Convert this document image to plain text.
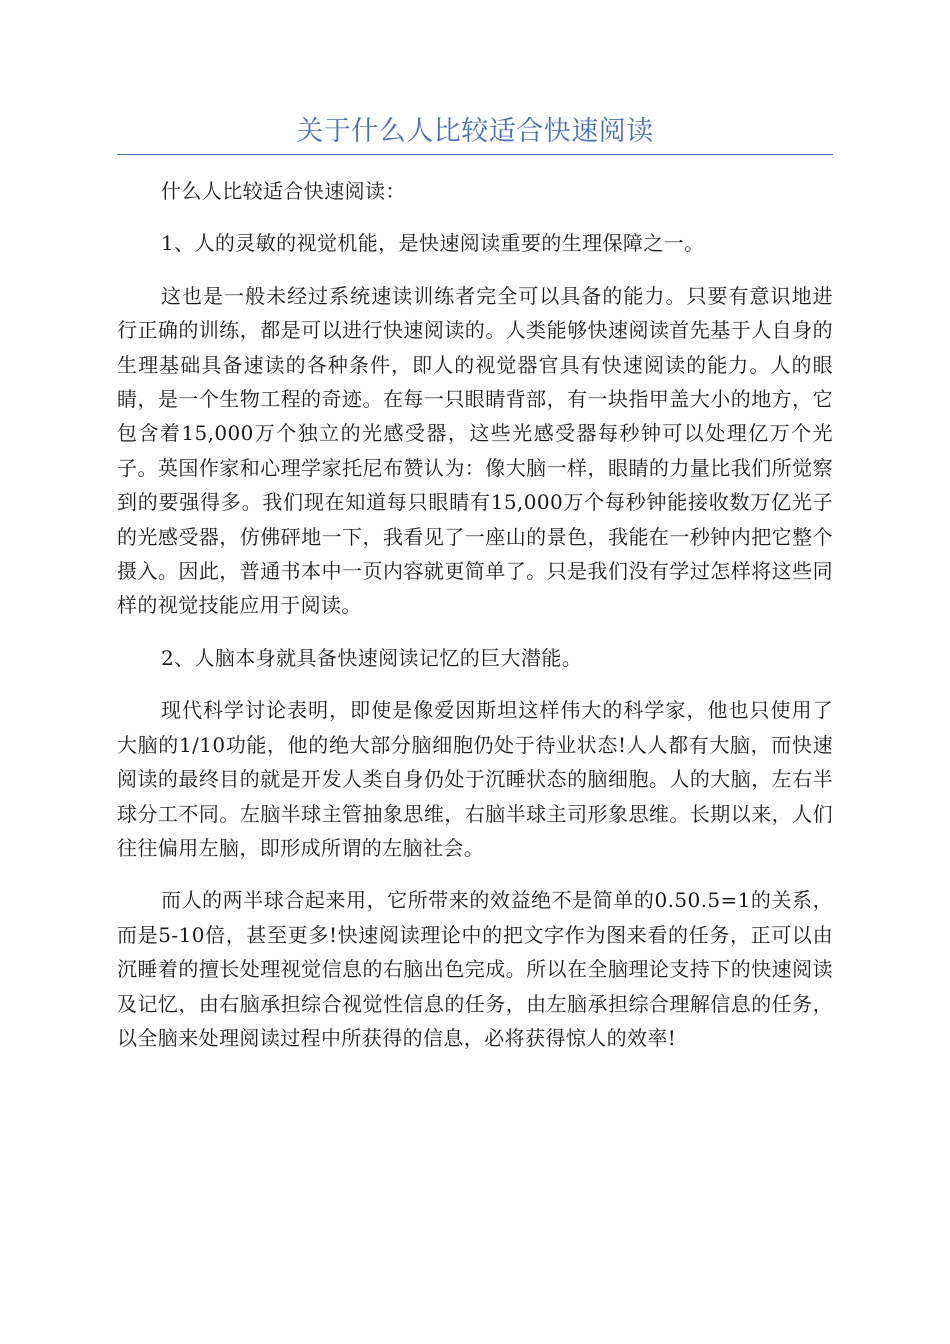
关于什么人比较适合快速阅读

什么人比较适合快速阅读：

1、人的灵敏的视觉机能，是快速阅读重要的生理保障之一。

这也是一般未经过系统速读训练者完全可以具备的能力。只要有意识地进行正确的训练，都是可以进行快速阅读的。人类能够快速阅读首先基于人自身的生理基础具备速读的各种条件，即人的视觉器官具有快速阅读的能力。人的眼睛，是一个生物工程的奇迹。在每一只眼睛背部，有一块指甲盖大小的地方，它包含着15,000万个独立的光感受器，这些光感受器每秒钟可以处理亿万个光子。英国作家和心理学家托尼布赞认为：像大脑一样，眼睛的力量比我们所觉察到的要强得多。我们现在知道每只眼睛有15,000万个每秒钟能接收数万亿光子的光感受器，仿佛砰地一下，我看见了一座山的景色，我能在一秒钟内把它整个摄入。因此，普通书本中一页内容就更简单了。只是我们没有学过怎样将这些同样的视觉技能应用于阅读。

2、人脑本身就具备快速阅读记忆的巨大潜能。

现代科学讨论表明，即使是像爱因斯坦这样伟大的科学家，他也只使用了大脑的1/10功能，他的绝大部分脑细胞仍处于待业状态!人人都有大脑，而快速阅读的最终目的就是开发人类自身仍处于沉睡状态的脑细胞。人的大脑，左右半球分工不同。左脑半球主管抽象思维，右脑半球主司形象思维。长期以来，人们往往偏用左脑，即形成所谓的左脑社会。

而人的两半球合起来用，它所带来的效益绝不是简单的0.50.5=1的关系，而是5-10倍，甚至更多!快速阅读理论中的把文字作为图来看的任务，正可以由沉睡着的擅长处理视觉信息的右脑出色完成。所以在全脑理论支持下的快速阅读及记忆，由右脑承担综合视觉性信息的任务，由左脑承担综合理解信息的任务，以全脑来处理阅读过程中所获得的信息，必将获得惊人的效率!
